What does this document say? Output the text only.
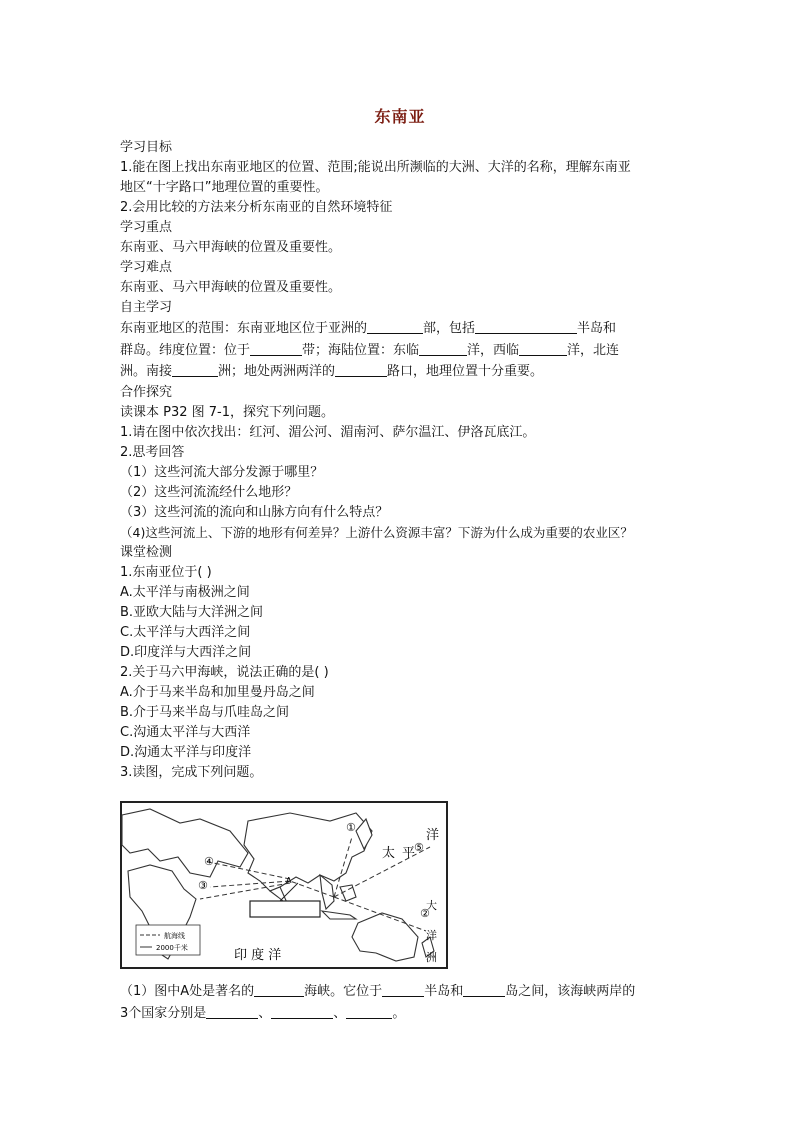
东南亚
学习目标
1.能在图上找出东南亚地区的位置、范围;能说出所濒临的大洲、大洋的名称，理解东南亚
地区“十字路口”地理位置的重要性。
2.会用比较的方法来分析东南亚的自然环境特征
学习重点
东南亚、马六甲海峡的位置及重要性。
学习难点
东南亚、马六甲海峡的位置及重要性。
自主学习
东南亚地区的范围：东南亚地区位于亚洲的	部，包括	半岛和
群岛。纬度位置：位于	带；海陆位置：东临	洋，西临	洋，北连
洲。南接	洲；地处两洲两洋的	路口，地理位置十分重要。
合作探究
读课本 P32 图 7-1，探究下列问题。
1.请在图中依次找出：红河、湄公河、湄南河、萨尔温江、伊洛瓦底江。
2.思考回答
（1）这些河流大部分发源于哪里？
（2）这些河流流经什么地形？
（3）这些河流的流向和山脉方向有什么特点？
（4)这些河流上、下游的地形有何差异？上游什么资源丰富？下游为什么成为重要的农业区？
课堂检测
1.东南亚位于( )
A.太平洋与南极洲之间
B.亚欧大陆与大洋洲之间
C.太平洋与大西洋之间
D.印度洋与大西洋之间
2.关于马六甲海峡，说法正确的是( )
A.介于马来半岛和加里曼丹岛之间
B.介于马来半岛与爪哇岛之间
C.沟通太平洋与大西洋
D.沟通太平洋与印度洋
3.读图，完成下列问题。
A
①
②
③
④
⑤
太 平
洋
印 度 洋
大
洋
洲
航海线
2000千米
（1）图中A处是著名的	海峡。它位于	半岛和	岛之间，该海峡两岸的
3个国家分别是	、	、	。
